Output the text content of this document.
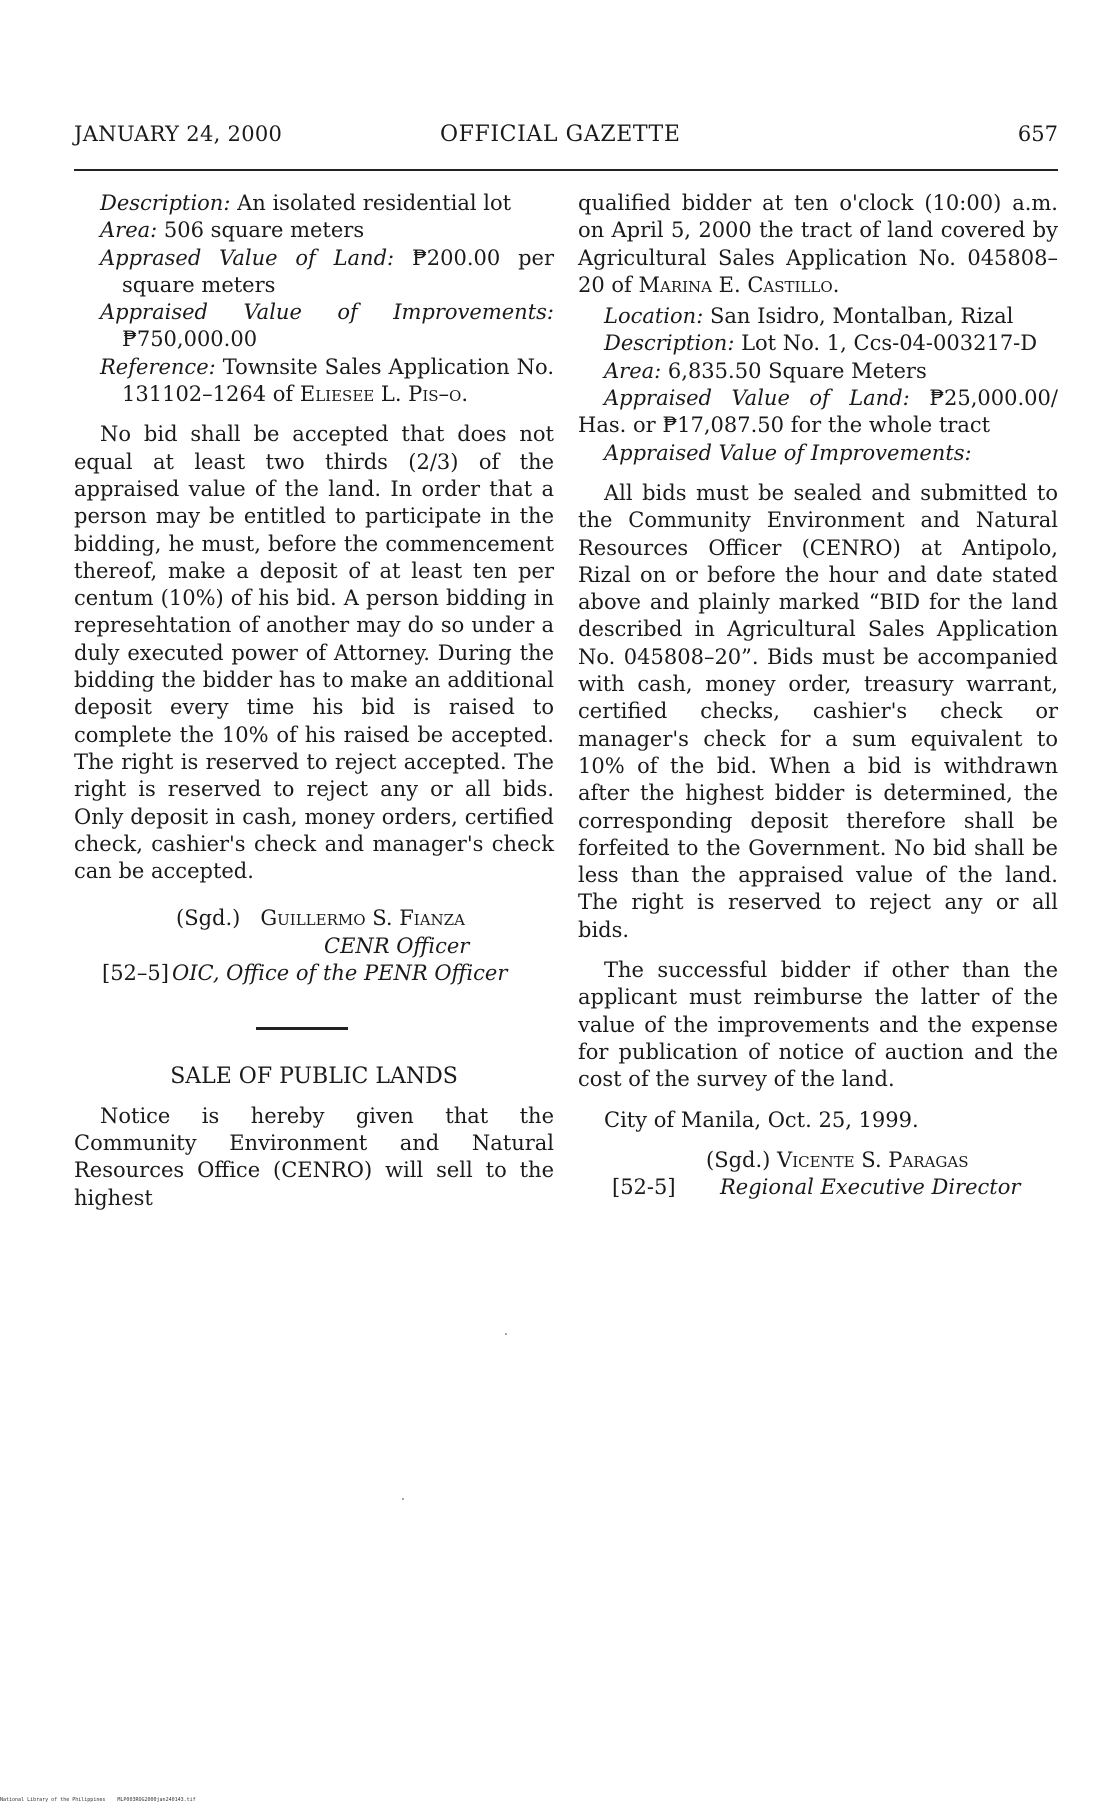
JANUARY 24, 2000	OFFICIAL GAZETTE	657

Description: An isolated residential lot

Area: 506 square meters

Apprased Value of Land: ₱200.00 per square meters

Appraised Value of Improvements: ₱750,000.00

Reference: Townsite Sales Application No. 131102–1264 of Eliesee L. Pis–o.

No bid shall be accepted that does not equal at least two thirds (2/3) of the appraised value of the land. In order that a person may be entitled to participate in the bidding, he must, before the commencement thereof, make a deposit of at least ten per centum (10%) of his bid. A person bidding in represehtation of another may do so under a duly executed power of Attorney. During the bidding the bidder has to make an additional deposit every time his bid is raised to complete the 10% of his raised be accepted. The right is reserved to reject accepted. The right is reserved to reject any or all bids. Only deposit in cash, money orders, certified check, cashier's check and manager's check can be accepted.

(Sgd.) Guillermo S. Fianza

CENR Officer

[52–5] OIC, Office of the PENR Officer

SALE OF PUBLIC LANDS

Notice is hereby given that the Community Environment and Natural Resources Office (CENRO) will sell to the highest

qualified bidder at ten o'clock (10:00) a.m. on April 5, 2000 the tract of land covered by Agricultural Sales Application No. 045808–20 of Marina E. Castillo.

Location: San Isidro, Montalban, Rizal

Description: Lot No. 1, Ccs-04-003217-D

Area: 6,835.50 Square Meters

Appraised Value of Land: ₱25,000.00/ Has. or ₱17,087.50 for the whole tract

Appraised Value of Improvements:

All bids must be sealed and submitted to the Community Environment and Natural Resources Officer (CENRO) at Antipolo, Rizal on or before the hour and date stated above and plainly marked “BID for the land described in Agricultural Sales Application No. 045808–20”. Bids must be accompanied with cash, money order, treasury warrant, certified checks, cashier's check or manager's check for a sum equivalent to 10% of the bid. When a bid is withdrawn after the highest bidder is determined, the corresponding deposit therefore shall be forfeited to the Government. No bid shall be less than the appraised value of the land. The right is reserved to reject any or all bids.

The successful bidder if other than the applicant must reimburse the latter of the value of the improvements and the expense for publication of notice of auction and the cost of the survey of the land.

City of Manila, Oct. 25, 1999.

(Sgd.) Vicente S. Paragas

[52-5]	Regional Executive Director

National Library of the Philippines    MLP003ROG2000jan240143.tif
